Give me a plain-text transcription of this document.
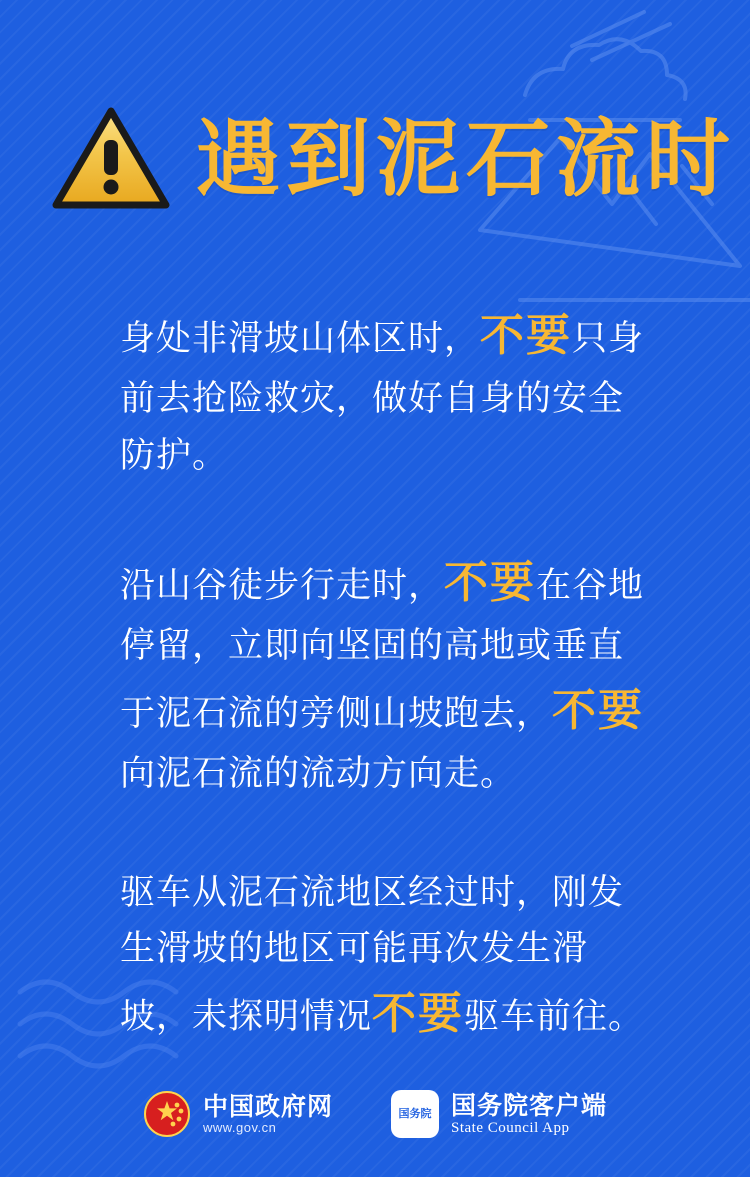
遇到泥石流时

身处非滑坡山体区时，不要只身前去抢险救灾，做好自身的安全防护。

沿山谷徒步行走时，不要在谷地停留，立即向坚固的高地或垂直于泥石流的旁侧山坡跑去，不要向泥石流的流动方向走。

驱车从泥石流地区经过时，刚发生滑坡的地区可能再次发生滑坡，未探明情况不要驱车前往。

中国政府网
www.gov.cn
国务院 国务院客户端
State Council App
